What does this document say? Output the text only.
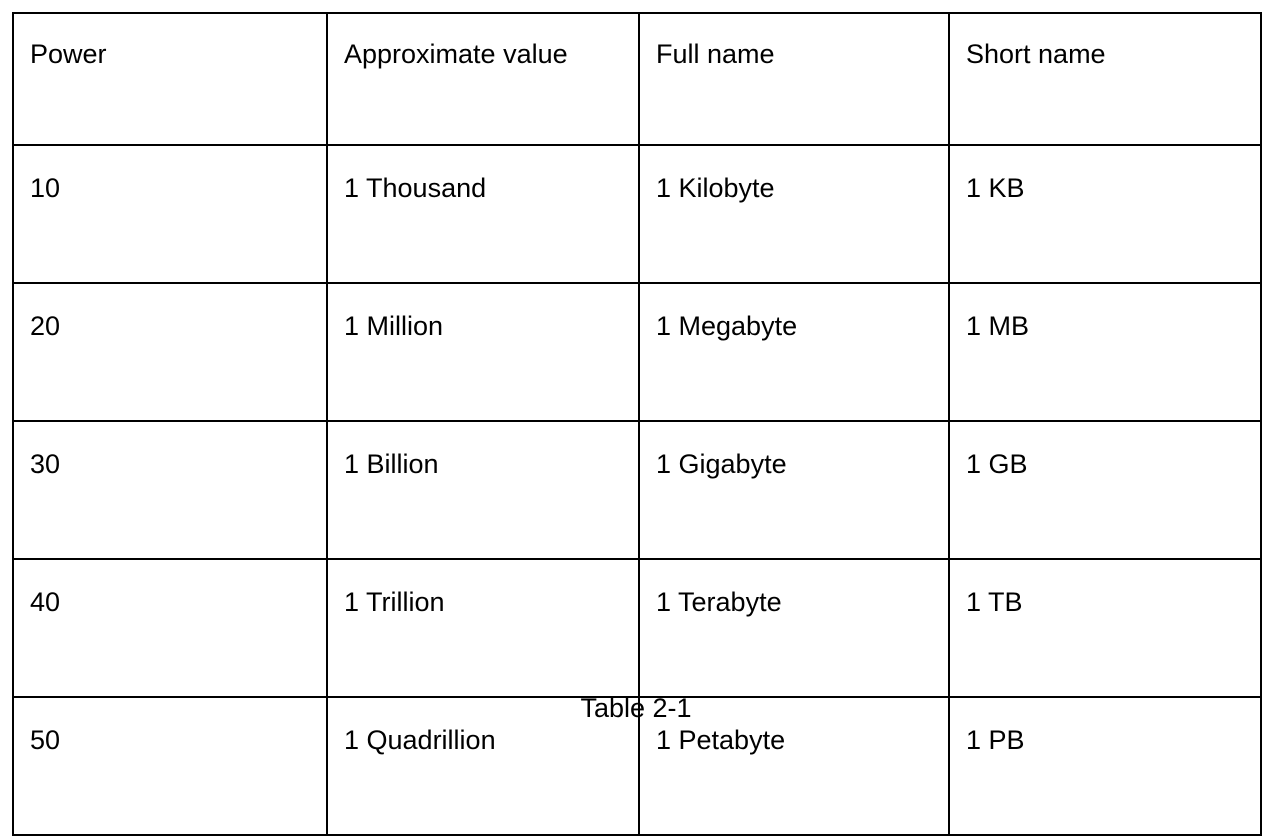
Power	Approximate value	Full name	Short name
10	1 Thousand	1 Kilobyte	1 KB
20	1 Million	1 Megabyte	1 MB
30	1 Billion	1 Gigabyte	1 GB
40	1 Trillion	1 Terabyte	1 TB
50	1 Quadrillion	1 Petabyte	1 PB
Table 2-1
